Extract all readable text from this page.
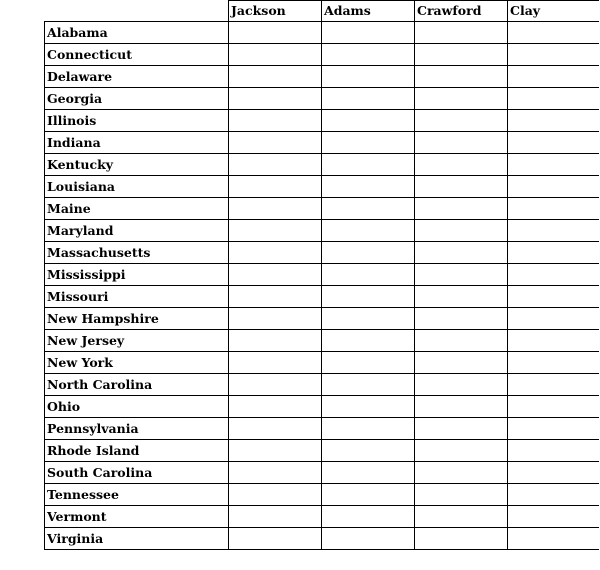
	Jackson	Adams	Crawford	Clay
Alabama				
Connecticut				
Delaware				
Georgia				
Illinois				
Indiana				
Kentucky				
Louisiana				
Maine				
Maryland				
Massachusetts				
Mississippi				
Missouri				
New Hampshire				
New Jersey				
New York				
North Carolina				
Ohio				
Pennsylvania				
Rhode Island				
South Carolina				
Tennessee				
Vermont				
Virginia				
